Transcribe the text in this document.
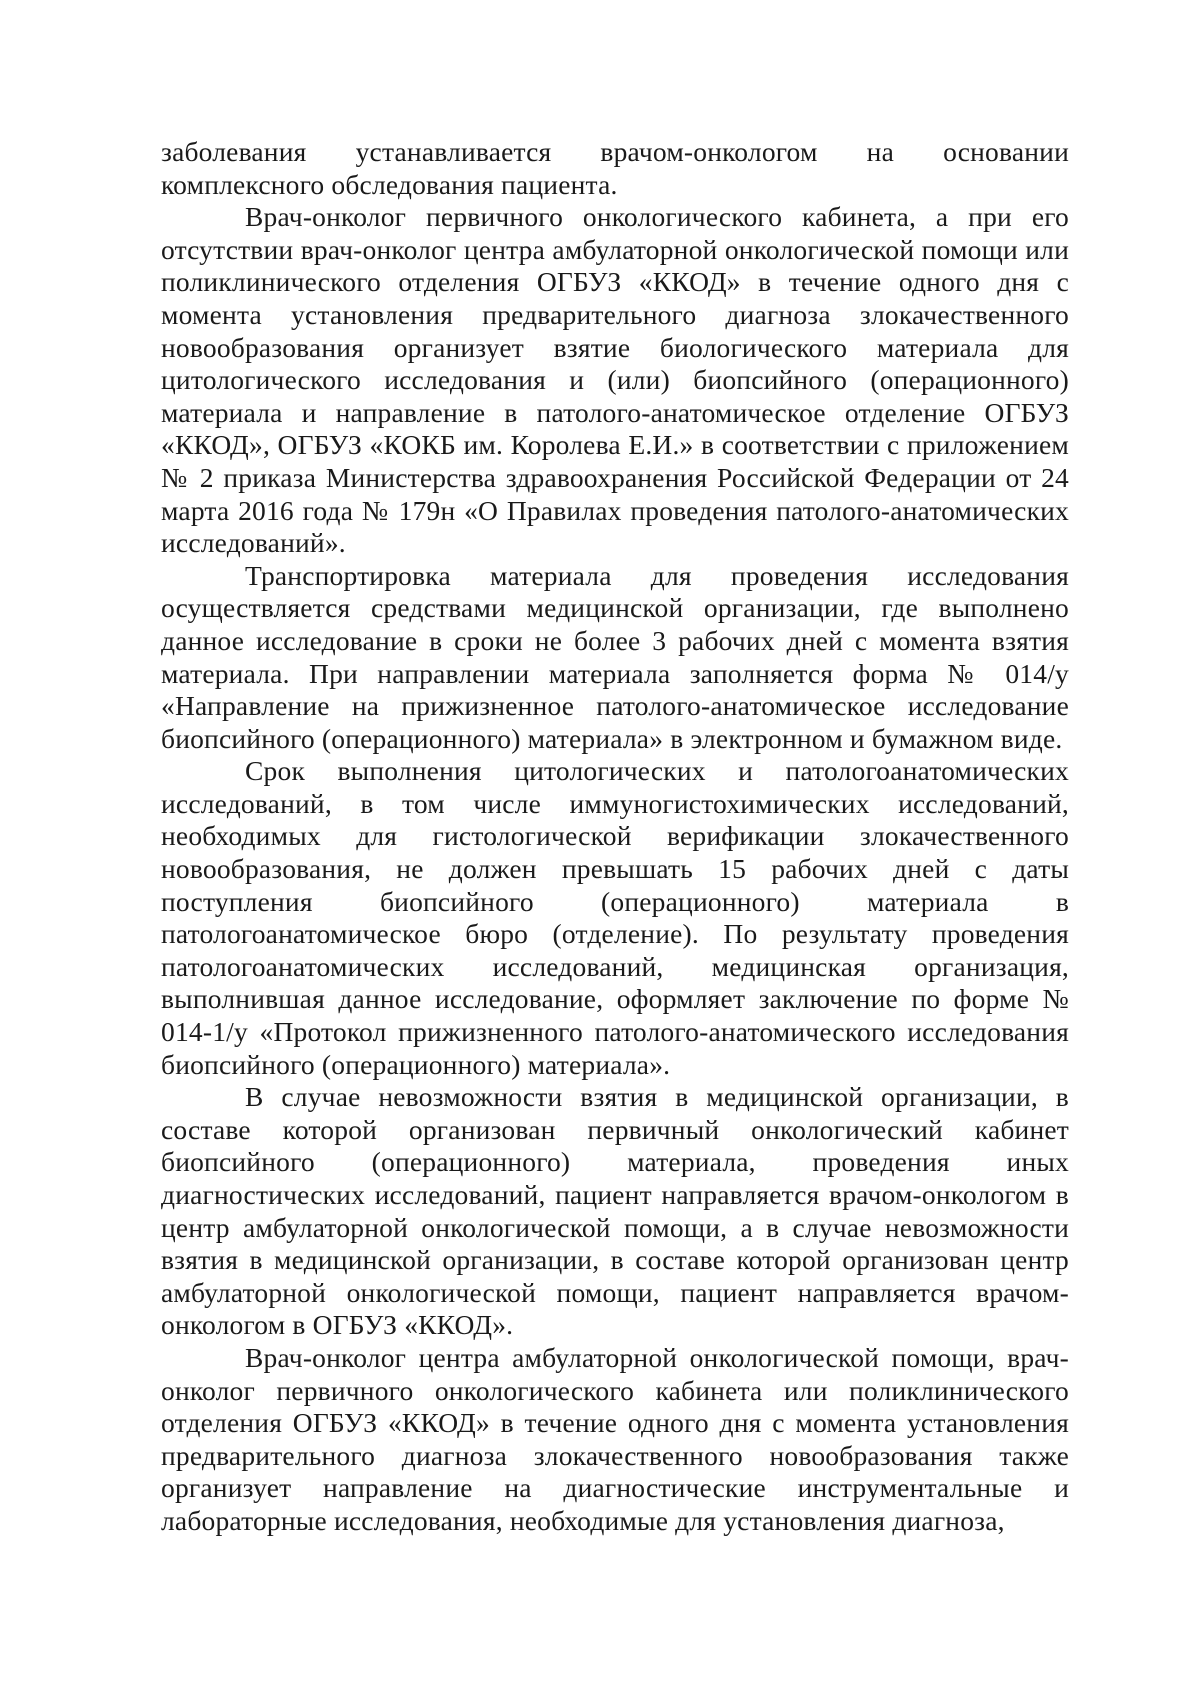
заболевания устанавливается врачом-онкологом на основании комплексного обследования пациента.

Врач-онколог первичного онкологического кабинета, а при его отсутствии врач-онколог центра амбулаторной онкологической помощи или поликлинического отделения ОГБУЗ «ККОД» в течение одного дня с момента установления предварительного диагноза злокачественного новообразования организует взятие биологического материала для цитологического исследования и (или) биопсийного (операционного) материала и направление в патолого-анатомическое отделение ОГБУЗ «ККОД», ОГБУЗ «КОКБ им. Королева Е.И.» в соответствии с приложением № 2 приказа Министерства здравоохранения Российской Федерации от 24 марта 2016 года № 179н «О Правилах проведения патолого-анатомических исследований».

Транспортировка материала для проведения исследования осуществляется средствами медицинской организации, где выполнено данное исследование в сроки не более 3 рабочих дней с момента взятия материала. При направлении материала заполняется форма № 014/у «Направление на прижизненное патолого-анатомическое исследование биопсийного (операционного) материала» в электронном и бумажном виде.

Срок выполнения цитологических и патологоанатомических исследований, в том числе иммуногистохимических исследований, необходимых для гистологической верификации злокачественного новообразования, не должен превышать 15 рабочих дней с даты поступления биопсийного (операционного) материала в патологоанатомическое бюро (отделение). По результату проведения патологоанатомических исследований, медицинская организация, выполнившая данное исследование, оформляет заключение по форме № 014-1/у «Протокол прижизненного патолого-анатомического исследования биопсийного (операционного) материала».

В случае невозможности взятия в медицинской организации, в составе которой организован первичный онкологический кабинет биопсийного (операционного) материала, проведения иных диагностических исследований, пациент направляется врачом-онкологом в центр амбулаторной онкологической помощи, а в случае невозможности взятия в медицинской организации, в составе которой организован центр амбулаторной онкологической помощи, пациент направляется врачом-онкологом в ОГБУЗ «ККОД».

Врач-онколог центра амбулаторной онкологической помощи, врач-онколог первичного онкологического кабинета или поликлинического отделения ОГБУЗ «ККОД» в течение одного дня с момента установления предварительного диагноза злокачественного новообразования также организует направление на диагностические инструментальные и лабораторные исследования, необходимые для установления диагноза,
